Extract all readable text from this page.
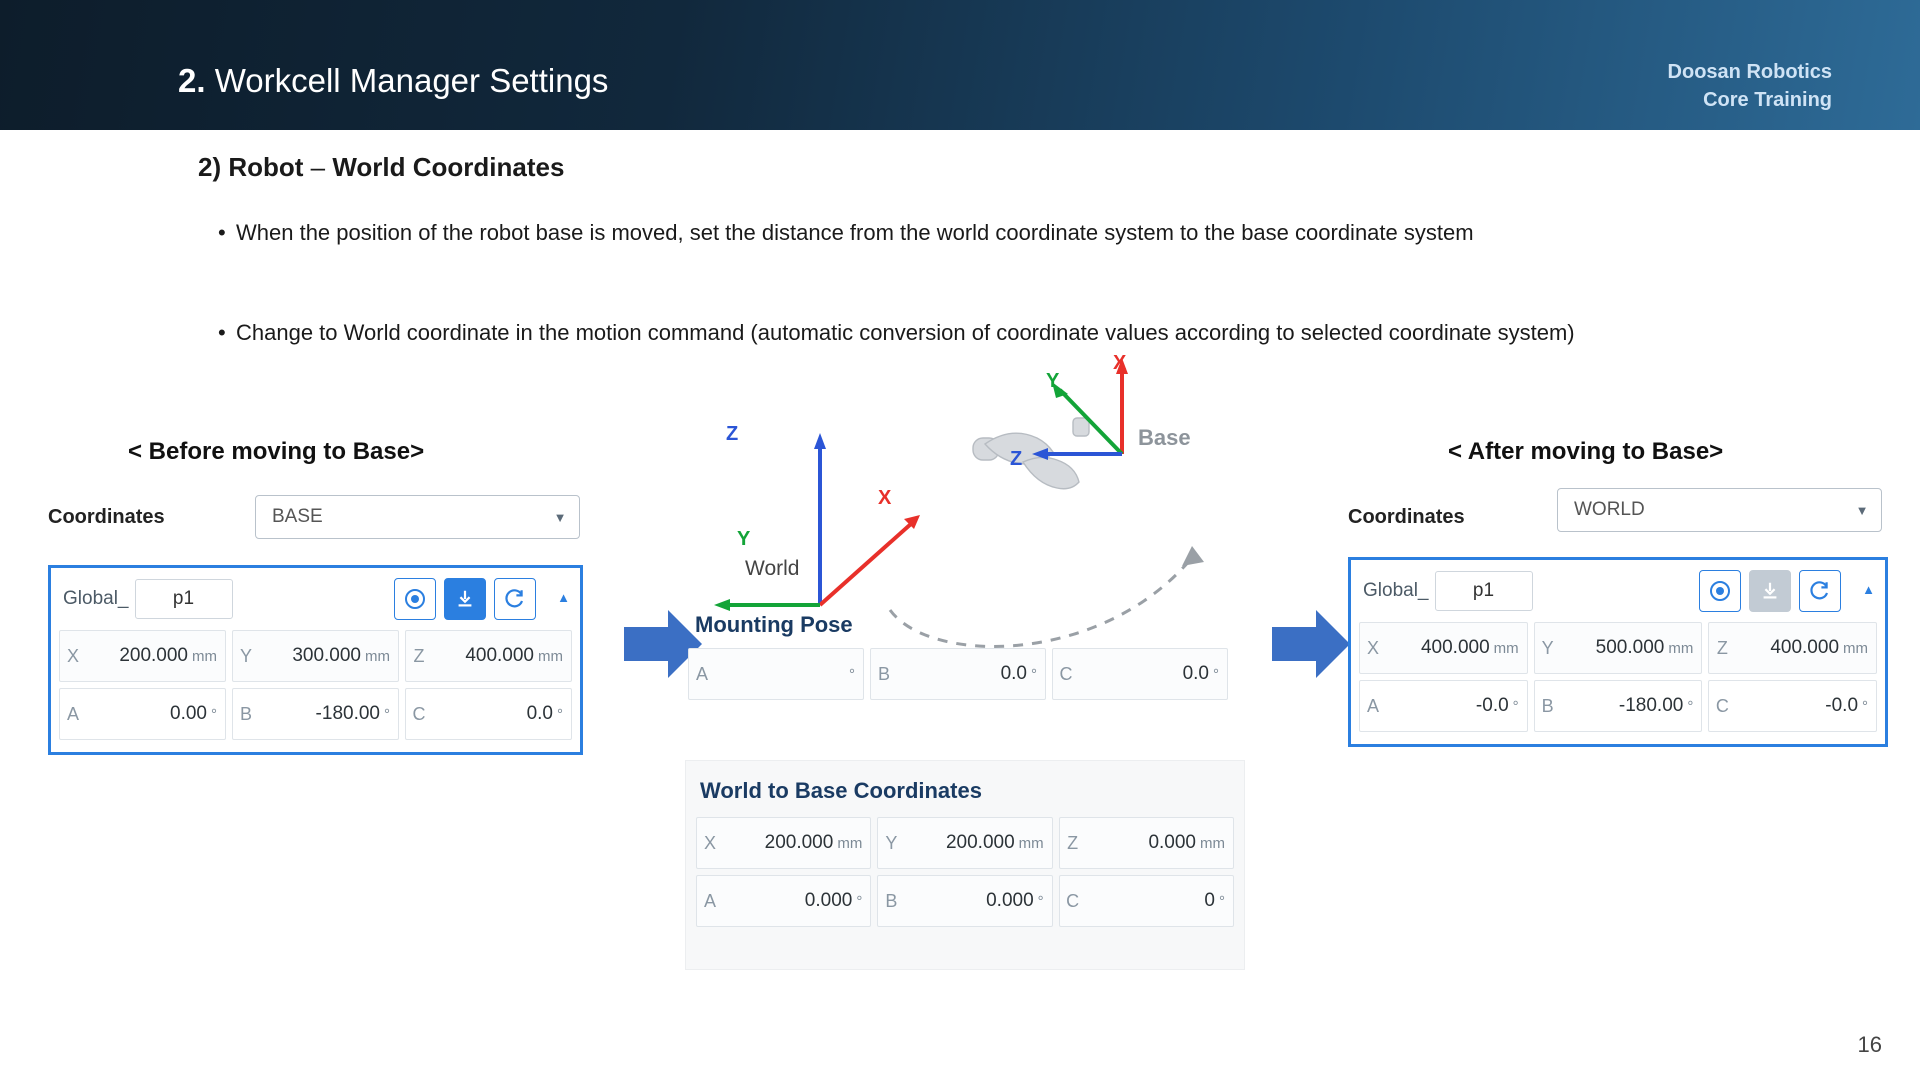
2. Workcell Manager Settings	Doosan Robotics
Core Training
2) Robot – World Coordinates
• When the position of the robot base is moved, set the distance from the world coordinate system to the base coordinate system
• Change to World coordinate in the motion command (automatic conversion of coordinate values according to selected coordinate system)
< Before moving to Base>	< After moving to Base>
Coordinates	BASE	▼
Global_ p1	▲
X	200.000 mm	Y	300.000 mm	Z	400.000 mm
A	0.00 °	B	-180.00 °	C	0.0 °
Z
X
Y
World
X
Y
Z
Base
Mounting Pose
A	°	B	0.0 °	C	0.0 °
X	200.000 mm	Y	200.000 mm	Z	0.000 mm
A	0.000 °	B	0.000 °	C	0 °
World to Base Coordinates
Coordinates	WORLD	▼
Global_ p1	▲
X	400.000 mm	Y	500.000 mm	Z	400.000 mm
A	-0.0 °	B	-180.00 °	C	-0.0 °
16
